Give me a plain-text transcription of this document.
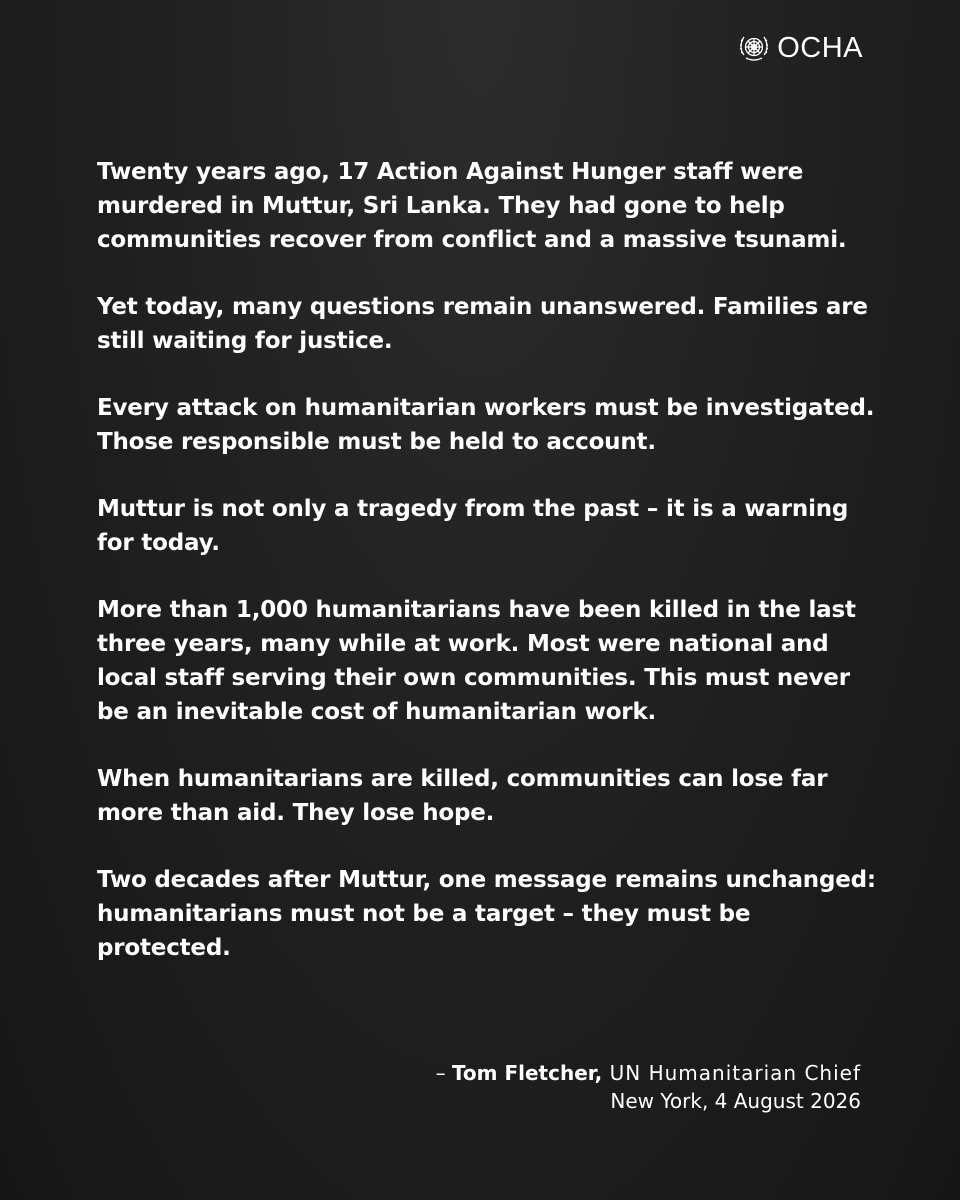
OCHA

Twenty years ago, 17 Action Against Hunger staff were murdered in Muttur, Sri Lanka. They had gone to help communities recover from conflict and a massive tsunami.

Yet today, many questions remain unanswered. Families are still waiting for justice.

Every attack on humanitarian workers must be investigated. Those responsible must be held to account.

Muttur is not only a tragedy from the past – it is a warning for today.

More than 1,000 humanitarians have been killed in the last three years, many while at work. Most were national and local staff serving their own communities. This must never be an inevitable cost of humanitarian work.

When humanitarians are killed, communities can lose far more than aid. They lose hope.

Two decades after Muttur, one message remains unchanged: humanitarians must not be a target – they must be protected.

– Tom Fletcher, UN Humanitarian Chief
New York, 4 August 2026
